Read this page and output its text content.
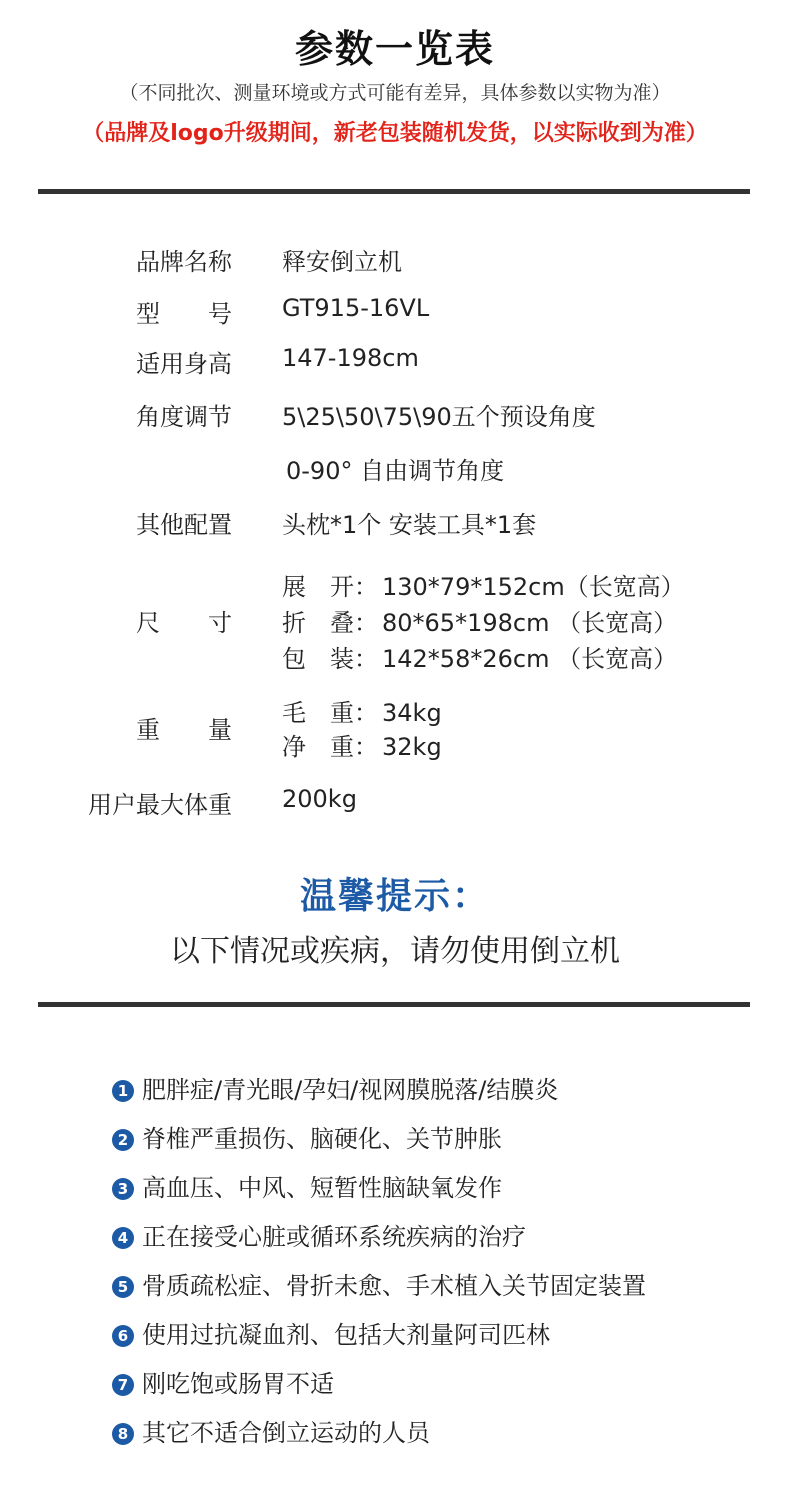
参数一览表
（不同批次、测量环境或方式可能有差异，具体参数以实物为准）
（品牌及logo升级期间，新老包装随机发货，以实际收到为准）
品牌名称 释安倒立机
型　　号 GT915-16VL
适用身高 147-198cm
角度调节 5\25\50\75\90五个预设角度
0-90° 自由调节角度
其他配置 头枕*1个 安装工具*1套
尺　　寸
展　开： 130*79*152cm（长宽高）
折　叠： 80*65*198cm （长宽高）
包　装： 142*58*26cm （长宽高）
重　　量
毛　重： 34kg
净　重： 32kg
用户最大体重 200kg
温馨提示：
以下情况或疾病，请勿使用倒立机
1 肥胖症/青光眼/孕妇/视网膜脱落/结膜炎
2 脊椎严重损伤、脑硬化、关节肿胀
3 高血压、中风、短暂性脑缺氧发作
4 正在接受心脏或循环系统疾病的治疗
5 骨质疏松症、骨折未愈、手术植入关节固定装置
6 使用过抗凝血剂、包括大剂量阿司匹林
7 刚吃饱或肠胃不适
8 其它不适合倒立运动的人员
